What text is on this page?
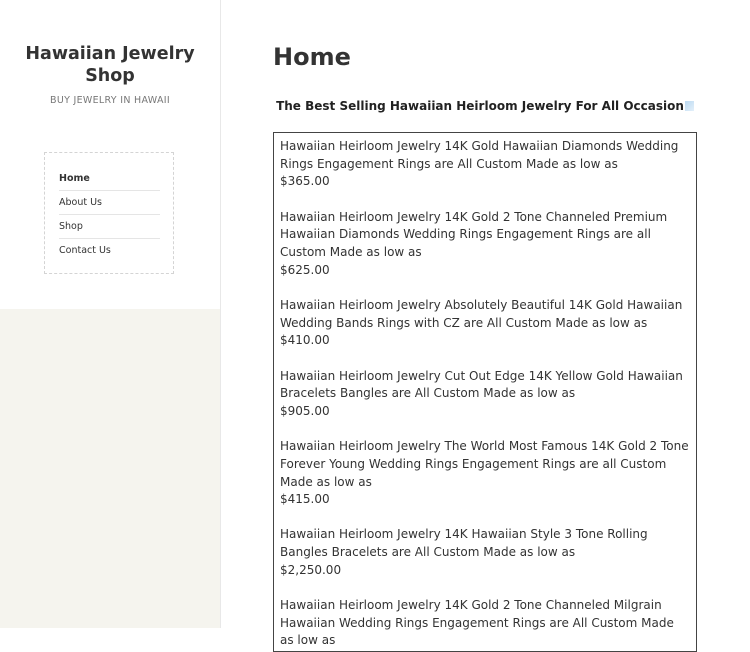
Hawaiian Jewelry Shop
BUY JEWELRY IN HAWAII
Home
About Us
Shop
Contact Us
Home
The Best Selling Hawaiian Heirloom Jewelry For All Occasion
Hawaiian Heirloom Jewelry 14K Gold Hawaiian Diamonds Wedding Rings Engagement Rings are All Custom Made as low as
$365.00
Hawaiian Heirloom Jewelry 14K Gold 2 Tone Channeled Premium Hawaiian Diamonds Wedding Rings Engagement Rings are all Custom Made as low as
$625.00
Hawaiian Heirloom Jewelry Absolutely Beautiful 14K Gold Hawaiian Wedding Bands Rings with CZ are All Custom Made as low as
$410.00
Hawaiian Heirloom Jewelry Cut Out Edge 14K Yellow Gold Hawaiian Bracelets Bangles are All Custom Made as low as
$905.00
Hawaiian Heirloom Jewelry The World Most Famous 14K Gold 2 Tone Forever Young Wedding Rings Engagement Rings are all Custom Made as low as
$415.00
Hawaiian Heirloom Jewelry 14K Hawaiian Style 3 Tone Rolling Bangles Bracelets are All Custom Made as low as
$2,250.00
Hawaiian Heirloom Jewelry 14K Gold 2 Tone Channeled Milgrain Hawaiian Wedding Rings Engagement Rings are All Custom Made as low as
